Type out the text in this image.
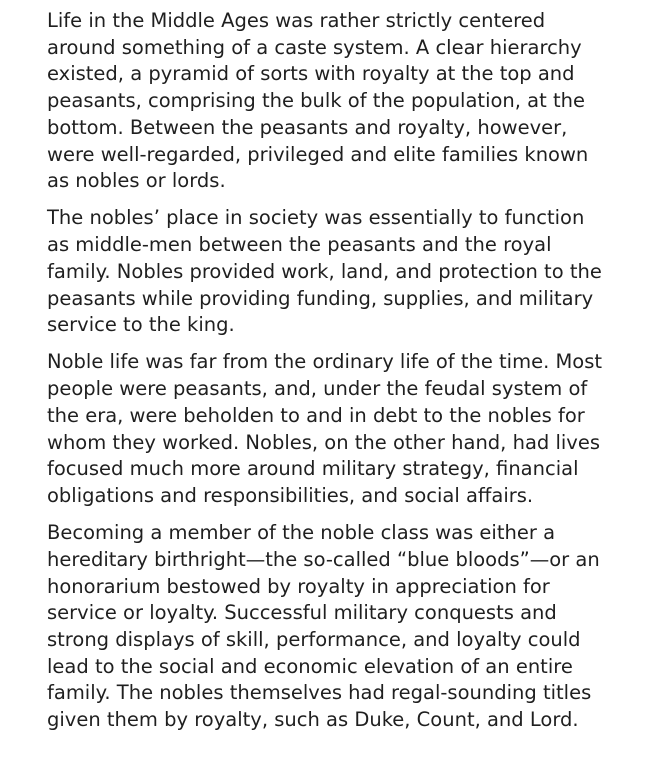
Life in the Middle Ages was rather strictly centered
around something of a caste system. A clear hierarchy
existed, a pyramid of sorts with royalty at the top and
peasants, comprising the bulk of the population, at the
bottom. Between the peasants and royalty, however,
were well-regarded, privileged and elite families known
as nobles or lords.

The nobles’ place in society was essentially to function
as middle-men between the peasants and the royal
family. Nobles provided work, land, and protection to the
peasants while providing funding, supplies, and military
service to the king.

Noble life was far from the ordinary life of the time. Most
people were peasants, and, under the feudal system of
the era, were beholden to and in debt to the nobles for
whom they worked. Nobles, on the other hand, had lives
focused much more around military strategy, financial
obligations and responsibilities, and social affairs.

Becoming a member of the noble class was either a
hereditary birthright—the so-called “blue bloods”—or an
honorarium bestowed by royalty in appreciation for
service or loyalty. Successful military conquests and
strong displays of skill, performance, and loyalty could
lead to the social and economic elevation of an entire
family. The nobles themselves had regal-sounding titles
given them by royalty, such as Duke, Count, and Lord.
